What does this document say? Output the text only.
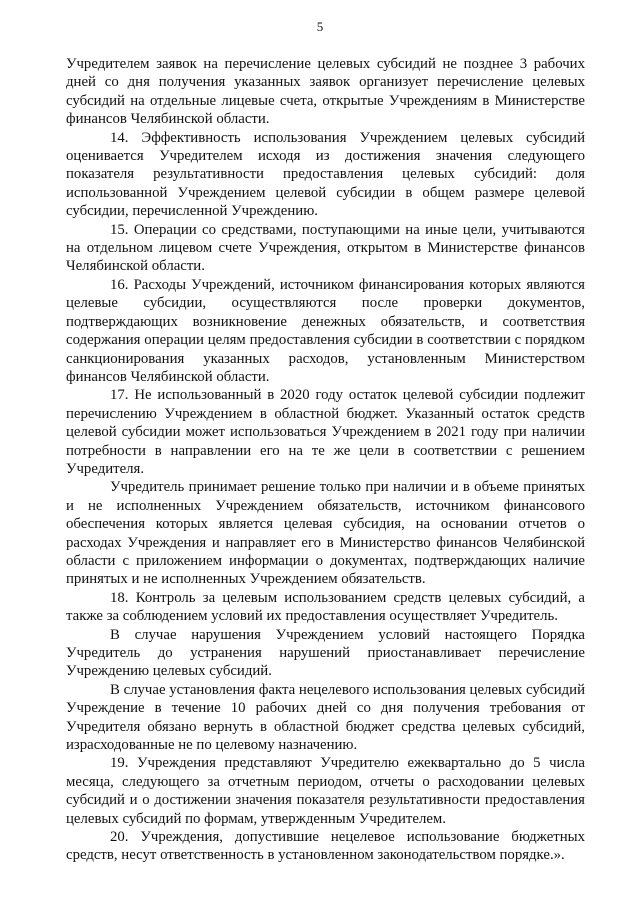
5

Учредителем заявок на перечисление целевых субсидий не позднее 3 рабочих дней со дня получения указанных заявок организует перечисление целевых субсидий на отдельные лицевые счета, открытые Учреждениям в Министерстве финансов Челябинской области.

14. Эффективность использования Учреждением целевых субсидий оценивается Учредителем исходя из достижения значения следующего показателя результативности предоставления целевых субсидий: доля использованной Учреждением целевой субсидии в общем размере целевой субсидии, перечисленной Учреждению.

15. Операции со средствами, поступающими на иные цели, учитываются на отдельном лицевом счете Учреждения, открытом в Министерстве финансов Челябинской области.

16. Расходы Учреждений, источником финансирования которых являются целевые субсидии, осуществляются после проверки документов, подтверждающих возникновение денежных обязательств, и соответствия содержания операции целям предоставления субсидии в соответствии с порядком санкционирования указанных расходов, установленным Министерством финансов Челябинской области.

17. Не использованный в 2020 году остаток целевой субсидии подлежит перечислению Учреждением в областной бюджет. Указанный остаток средств целевой субсидии может использоваться Учреждением в 2021 году при наличии потребности в направлении его на те же цели в соответствии с решением Учредителя.

Учредитель принимает решение только при наличии и в объеме принятых и не исполненных Учреждением обязательств, источником финансового обеспечения которых является целевая субсидия, на основании отчетов о расходах Учреждения и направляет его в Министерство финансов Челябинской области с приложением информации о документах, подтверждающих наличие принятых и не исполненных Учреждением обязательств.

18. Контроль за целевым использованием средств целевых субсидий, а также за соблюдением условий их предоставления осуществляет Учредитель.

В случае нарушения Учреждением условий настоящего Порядка Учредитель до устранения нарушений приостанавливает перечисление Учреждению целевых субсидий.

В случае установления факта нецелевого использования целевых субсидий Учреждение в течение 10 рабочих дней со дня получения требования от Учредителя обязано вернуть в областной бюджет средства целевых субсидий, израсходованные не по целевому назначению.

19. Учреждения представляют Учредителю ежеквартально до 5 числа месяца, следующего за отчетным периодом, отчеты о расходовании целевых субсидий и о достижении значения показателя результативности предоставления целевых субсидий по формам, утвержденным Учредителем.

20. Учреждения, допустившие нецелевое использование бюджетных средств, несут ответственность в установленном законодательством порядке.».
